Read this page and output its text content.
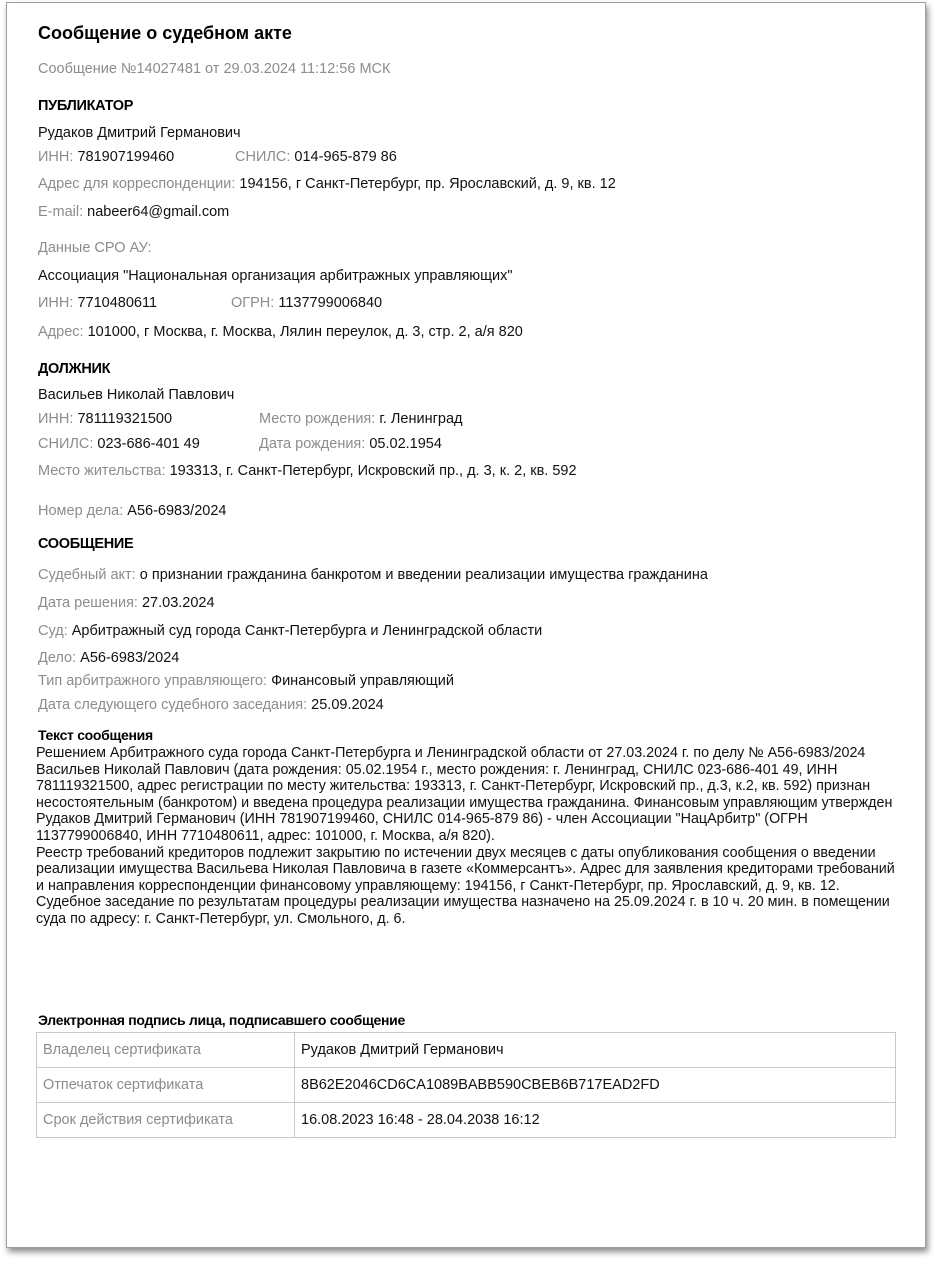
Сообщение о судебном акте
Сообщение №14027481 от 29.03.2024 11:12:56 МСК
ПУБЛИКАТОР
Рудаков Дмитрий Германович
ИНН: 781907199460	СНИЛС: 014-965-879 86
Адрес для корреспонденции: 194156, г Санкт-Петербург, пр. Ярославский, д. 9, кв. 12
E-mail: nabeer64@gmail.com
Данные СРО АУ:
Ассоциация "Национальная организация арбитражных управляющих"
ИНН: 7710480611	ОГРН: 1137799006840
Адрес: 101000, г Москва, г. Москва, Лялин переулок, д. 3, стр. 2, а/я 820
ДОЛЖНИК
Васильев Николай Павлович
ИНН: 781119321500	Место рождения: г. Ленинград
СНИЛС: 023-686-401 49	Дата рождения: 05.02.1954
Место жительства: 193313, г. Санкт-Петербург, Искровский пр., д. 3, к. 2, кв. 592
Номер дела: А56-6983/2024
СООБЩЕНИЕ
Судебный акт: о признании гражданина банкротом и введении реализации имущества гражданина
Дата решения: 27.03.2024
Суд: Арбитражный суд города Санкт-Петербурга и Ленинградской области
Дело: А56-6983/2024
Тип арбитражного управляющего: Финансовый управляющий
Дата следующего судебного заседания: 25.09.2024
Текст сообщения

Решением Арбитражного суда города Санкт-Петербурга и Ленинградской области от 27.03.2024 г. по делу № А56-6983/2024 Васильев Николай Павлович (дата рождения: 05.02.1954 г., место рождения: г. Ленинград, СНИЛС 023-686-401 49, ИНН 781119321500, адрес регистрации по месту жительства: 193313, г. Санкт-Петербург, Искровский пр., д.3, к.2, кв. 592) признан несостоятельным (банкротом) и введена процедура реализации имущества гражданина. Финансовым управляющим утвержден Рудаков Дмитрий Германович (ИНН 781907199460, СНИЛС 014-965-879 86) - член Ассоциации "НацАрбитр" (ОГРН 1137799006840, ИНН 7710480611, адрес: 101000, г. Москва, а/я 820).

Реестр требований кредиторов подлежит закрытию по истечении двух месяцев с даты опубликования сообщения о введении реализации имущества Васильева Николая Павловича в газете «Коммерсантъ». Адрес для заявления кредиторами требований и направления корреспонденции финансовому управляющему: 194156, г Санкт-Петербург, пр. Ярославский, д. 9, кв. 12.

Судебное заседание по результатам процедуры реализации имущества назначено на 25.09.2024 г. в 10 ч. 20 мин. в помещении суда по адресу: г. Санкт-Петербург, ул. Смольного, д. 6.

Электронная подпись лица, подписавшего сообщение
Владелец сертификата	Рудаков Дмитрий Германович
Отпечаток сертификата	8B62E2046CD6CA1089BABB590CBEB6B717EAD2FD
Срок действия сертификата	16.08.2023 16:48 - 28.04.2038 16:12
